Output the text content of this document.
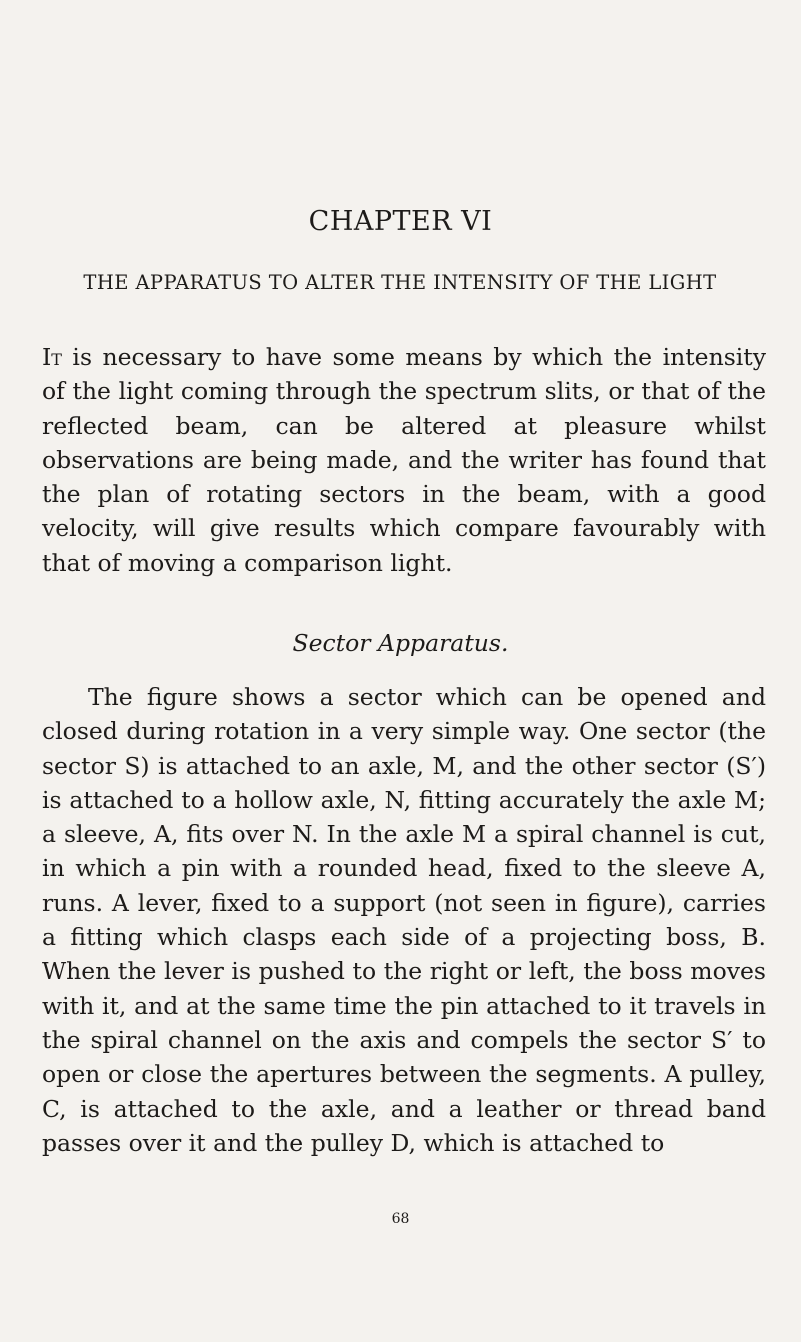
CHAPTER VI
THE APPARATUS TO ALTER THE INTENSITY OF THE LIGHT

It is necessary to have some means by which the intensity of the light coming through the spectrum slits, or that of the reflected beam, can be altered at pleasure whilst observations are being made, and the writer has found that the plan of rotating sectors in the beam, with a good velocity, will give results which compare favourably with that of moving a comparison light.

Sector Apparatus.

The figure shows a sector which can be opened and closed during rotation in a very simple way. One sector (the sector S) is attached to an axle, M, and the other sector (S′) is attached to a hollow axle, N, fitting accurately the axle M; a sleeve, A, fits over N. In the axle M a spiral channel is cut, in which a pin with a rounded head, fixed to the sleeve A, runs. A lever, fixed to a support (not seen in figure), carries a fitting which clasps each side of a projecting boss, B. When the lever is pushed to the right or left, the boss moves with it, and at the same time the pin attached to it travels in the spiral channel on the axis and compels the sector S′ to open or close the apertures between the segments. A pulley, C, is attached to the axle, and a leather or thread band passes over it and the pulley D, which is attached to

68
